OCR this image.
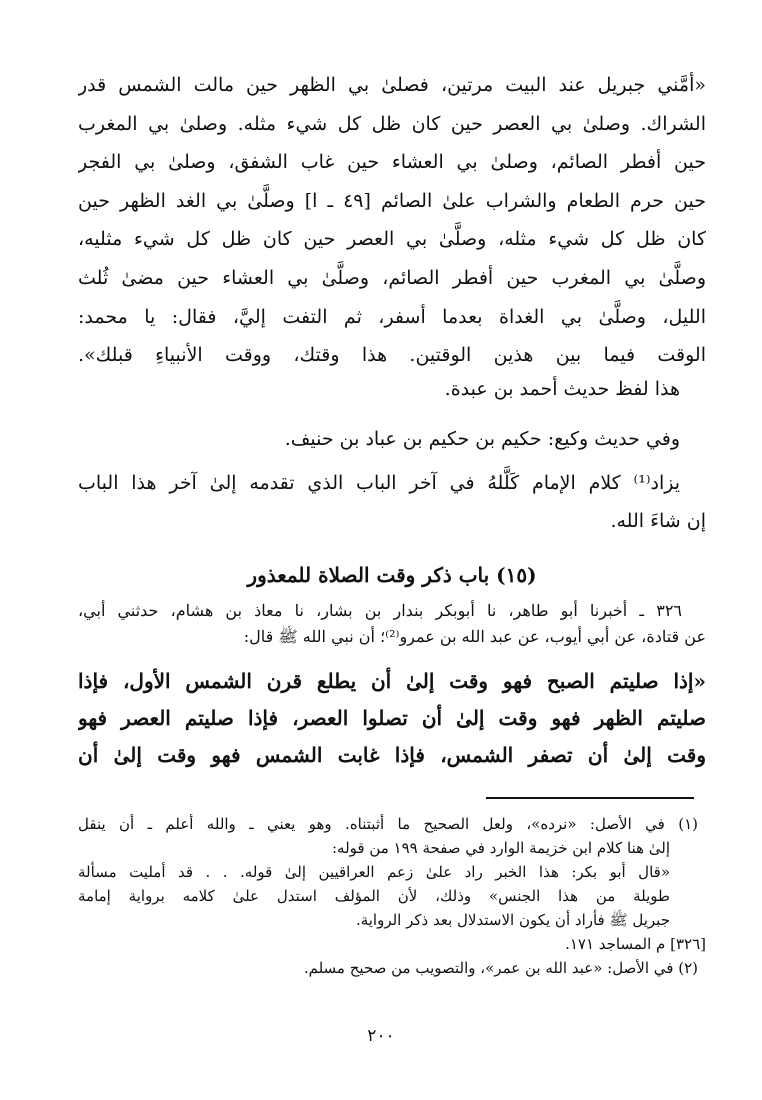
«أمَّني جبريل عند البيت مرتين، فصلىٰ بي الظهر حين مالت الشمس قدر
الشراك. وصلىٰ بي العصر حين كان ظل كل شيء مثله. وصلىٰ بي المغرب
حين أفطر الصائم، وصلىٰ بي العشاء حين غاب الشفق، وصلىٰ بي الفجر
حين حرم الطعام والشراب علىٰ الصائم [٤٩ ـ ا] وصلَّىٰ بي الغد الظهر حين
كان ظل كل شيء مثله، وصلَّىٰ بي العصر حين كان ظل كل شيء مثليه،
وصلَّىٰ بي المغرب حين أفطر الصائم، وصلَّىٰ بي العشاء حين مضىٰ ثُلث
الليل، وصلَّىٰ بي الغداة بعدما أسفر، ثم التفت إليَّ، فقال: يا محمد:
الوقت فيما بين هذين الوقتين. هذا وقتك، ووقت الأنبياءِ قبلك».
هذا لفظ حديث أحمد بن عبدة.
وفي حديث وكيع: حكيم بن حكيم بن عباد بن حنيف.
يزاد⁽¹⁾ كلام الإمام كَلَّلهُ في آخر الباب الذي تقدمه إلىٰ آخر هذا الباب
إن شاءَ الله.
(١٥) باب ذكر وقت الصلاة للمعذور
٣٢٦ ـ أخبرنا أبو طاهر، نا أبوبكر بندار بن بشار، نا معاذ بن هشام، حدثني أبي،
عن قتادة، عن أبي أيوب، عن عبد الله بن عمرو⁽²⁾؛ أن نبي الله ﷺ قال:
«إذا صليتم الصبح فهو وقت إلىٰ أن يطلع قرن الشمس الأول، فإذا
صليتم الظهر فهو وقت إلىٰ أن تصلوا العصر، فإذا صليتم العصر فهو
وقت إلىٰ أن تصفر الشمس، فإذا غابت الشمس فهو وقت إلىٰ أن
(١) في الأصل: «نرده»، ولعل الصحيح ما أثبتناه. وهو يعني ـ والله أعلم ـ أن ينقل
إلىٰ هنا كلام ابن خزيمة الوارد في صفحة ١٩٩ من قوله:
«قال أبو بكر: هذا الخبر راد علىٰ زعم العراقيين إلىٰ قوله. . . قد أمليت مسألة
طويلة من هذا الجنس» وذلك، لأن المؤلف استدل علىٰ كلامه برواية إمامة
جبريل ﷺ فأراد أن يكون الاستدلال بعد ذكر الرواية.
[٣٢٦] م المساجد ١٧١.
(٢) في الأصل: «عبد الله بن عمر»، والتصويب من صحيح مسلم.
٢٠٠
